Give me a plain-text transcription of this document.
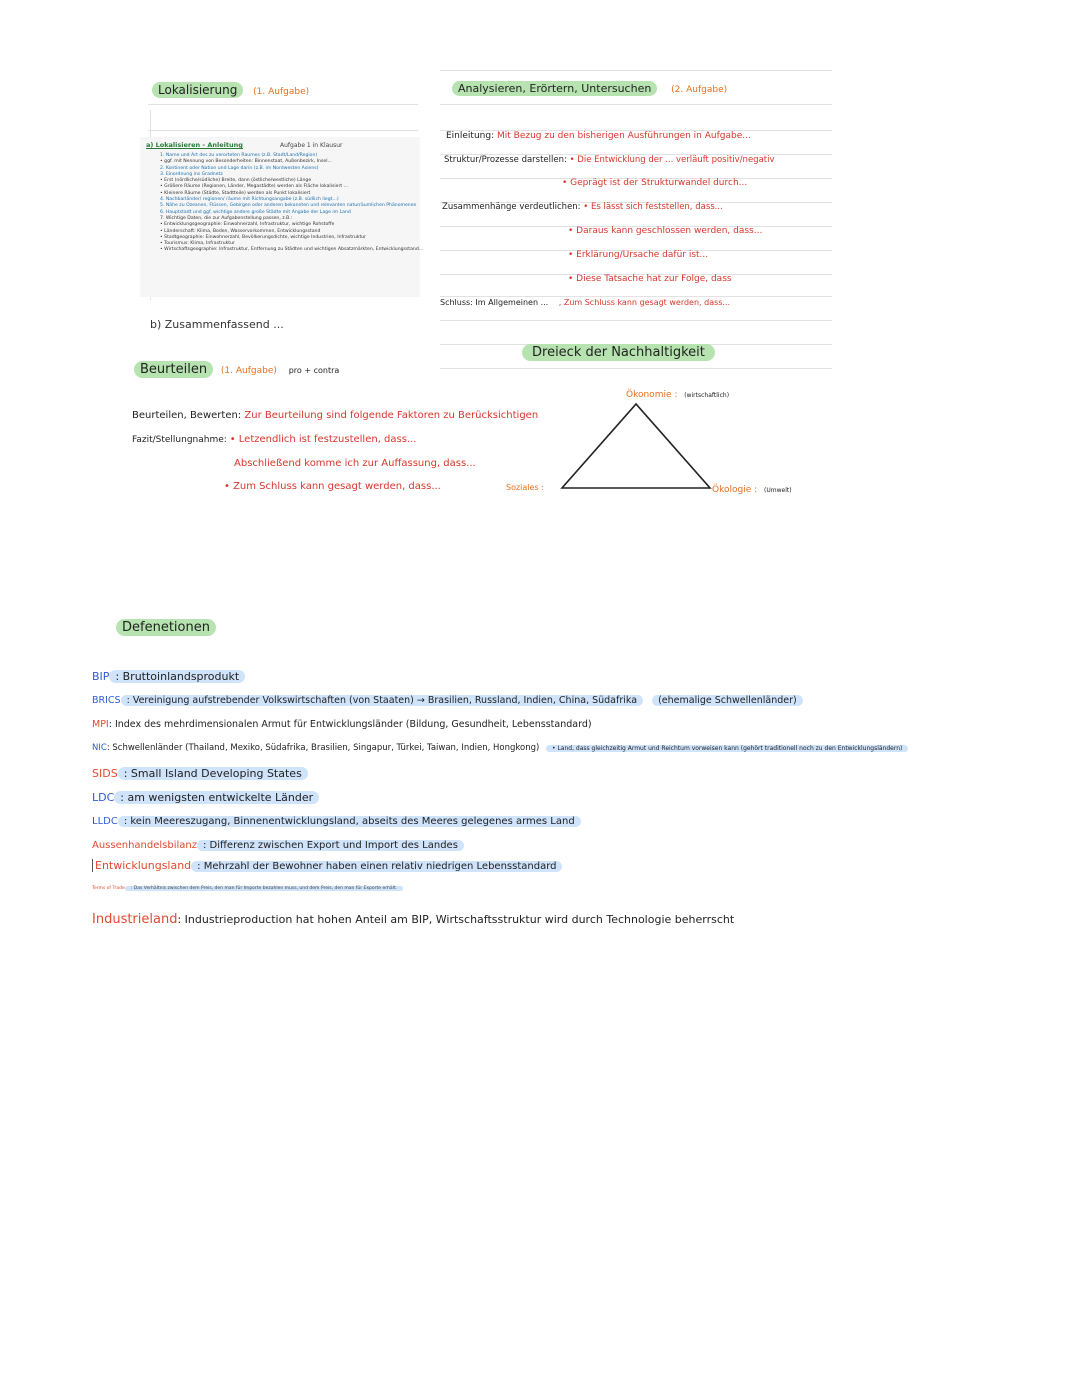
Lokalisierung (1. Aufgabe)
a) Lokalisieren - Anleitung	Aufgabe 1 in Klausur
1. Name und Art des zu verorteten Raumes (z.B. Stadt/Land/Region)
• ggf. mit Nennung von Besonderheiten: Binnenstaat, Außenbezirk, Insel...
2. Kontinent oder Nation und Lage darin (z.B. im Nordwesten Asiens)
3. Einordnung ins Gradnetz
• Erst (nördliche/südliche) Breite, dann (östliche/westliche) Länge
• Größere Räume (Regionen, Länder, Megastädte) werden als Fläche lokalisiert ...
• Kleinere Räume (Städte, Stadtteile) werden als Punkt lokalisiert
4. Nachbarländer/ regionen/ räume mit Richtungsangabe (z.B. südlich liegt...)
5. Nähe zu Ozeanen, Flüssen, Gebirgen oder anderen bekannten und relevanten naturräumlichen Phänomenen
6. Hauptstadt und ggf. wichtige andere große Städte mit Angabe der Lage im Land
7. Wichtige Daten, die zur Aufgabenstellung passen, z.B.:
• Entwicklungsgeographie: Einwohnerzahl, Infrastruktur, wichtige Rohstoffe
• Länderschaft: Klima, Boden, Wasservorkommen, Entwicklungsstand
• Stadtgeographie: Einwohnerzahl, Bevölkerungsdichte, wichtige Industrien, Infrastruktur
• Tourismus: Klima, Infrastruktur
• Wirtschaftsgeographie: Infrastruktur, Entfernung zu Städten und wichtigen Absatzmärkten, Entwicklungsstand...
b) Zusammenfassend ...
Beurteilen (1. Aufgabe) pro + contra
Beurteilen, Bewerten: Zur Beurteilung sind folgende Faktoren zu Berücksichtigen
Fazit/Stellungnahme: • Letzendlich ist festzustellen, dass...
Abschließend komme ich zur Auffassung, dass...
• Zum Schluss kann gesagt werden, dass...
Analysieren, Erörtern, Untersuchen (2. Aufgabe)
Einleitung: Mit Bezug zu den bisherigen Ausführungen in Aufgabe...
Struktur/Prozesse darstellen: • Die Entwicklung der ... verläuft positiv/negativ
• Geprägt ist der Strukturwandel durch...
Zusammenhänge verdeutlichen: • Es lässt sich feststellen, dass...
• Daraus kann geschlossen werden, dass...
• Erklärung/Ursache dafür ist...
• Diese Tatsache hat zur Folge, dass
Schluss: Im Allgemeinen ... , Zum Schluss kann gesagt werden, dass...
Dreieck der Nachhaltigkeit
Ökonomie : (wirtschaftlich)
Soziales :	Ökologie : (Umwelt)
Defenetionen
BIP : Bruttoinlandsprodukt
BRICS : Vereinigung aufstrebender Volkswirtschaften (von Staaten) → Brasilien, Russland, Indien, China, Südafrika (ehemalige Schwellenländer)
MPI: Index des mehrdimensionalen Armut für Entwicklungsländer (Bildung, Gesundheit, Lebensstandard)
NIC: Schwellenländer (Thailand, Mexiko, Südafrika, Brasilien, Singapur, Türkei, Taiwan, Indien, Hongkong) • Land, dass gleichzeitig Armut und Reichtum vorweisen kann (gehört traditionell noch zu den Entwicklungsländern)
SIDS : Small Island Developing States
LDC : am wenigsten entwickelte Länder
LLDC : kein Meereszugang, Binnenentwicklungsland, abseits des Meeres gelegenes armes Land
Aussenhandelsbilanz : Differenz zwischen Export und Import des Landes
Entwicklungsland : Mehrzahl der Bewohner haben einen relativ niedrigen Lebensstandard
Terms of Trade : Das Verhältnis zwischen dem Preis, den man für Importe bezahlen muss, und dem Preis, den man für Exporte erhält.
Industrieland: Industrieproduction hat hohen Anteil am BIP, Wirtschaftsstruktur wird durch Technologie beherrscht
